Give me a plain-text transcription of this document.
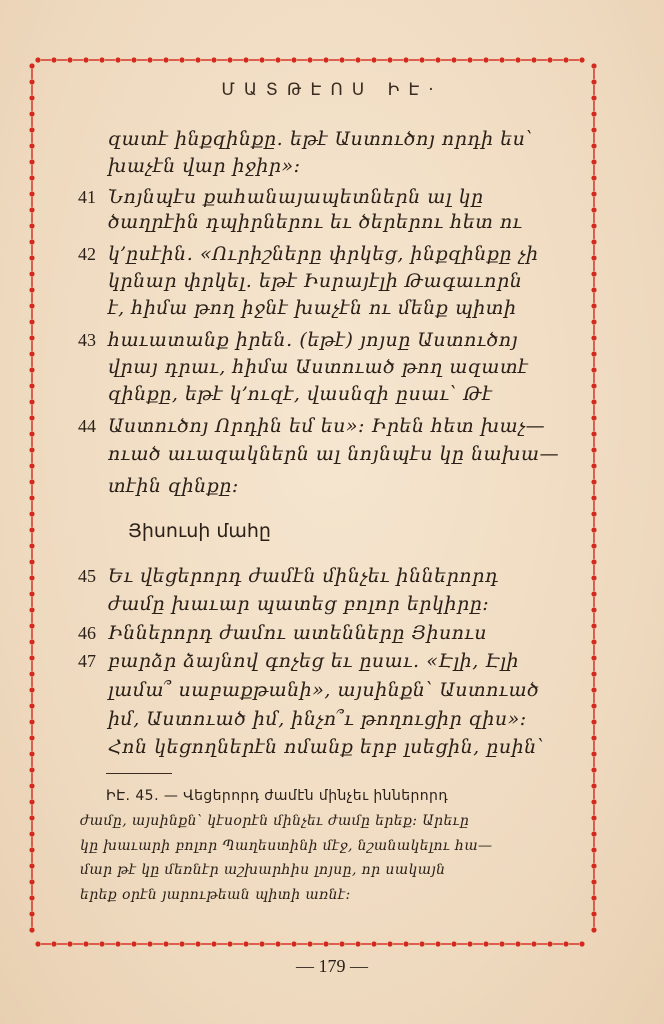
ՄԱՏԹԷՈՍ ԻԷ·
զատէ ինքզինքը․ եթէ Աստուծոյ որդի ես՝
խաչէն վար իջիր»։
41 Նոյնպէս քահանայապետներն ալ կը
ծաղրէին դպիրներու եւ ծերերու հետ ու
42 կ՚ըսէին․ «Ուրիշները փրկեց, ինքզինքը չի
կրնար փրկել․ եթէ Իսրայէլի Թագաւորն
է, հիմա թող իջնէ խաչէն ու մենք պիտի
43 հաւատանք իրեն․ (եթէ) յոյսը Աստուծոյ
վրայ դրաւ, հիմա Աստուած թող ազատէ
զինքը, եթէ կ՚ուզէ, վասնզի ըսաւ՝ Թէ
44 Աստուծոյ Որդին եմ ես»։ Իրեն հետ խաչ—
ուած աւազակներն ալ նոյնպէս կը նախա—
տէին զինքը։
Յիսուսի մահը
45 Եւ վեցերորդ ժամէն մինչեւ իններորդ
ժամը խաւար պատեց բոլոր երկիրը։
46 Իններորդ ժամու ատենները Յիսուս
47 բարձր ձայնով գոչեց եւ ըսաւ․ «Էլի, Էլի
լամա՞ սաբաքթանի», այսինքն՝ Աստուած
իմ, Աստուած իմ, ինչո՞ւ թողուցիր զիս»։
Հոն կեցողներէն ոմանք երբ լսեցին, ըսին՝
ԻԷ․ 45․ — Վեցերորդ ժամէն մինչեւ իններորդ
ժամը, այսինքն՝ կէսօրէն մինչեւ ժամը երեք։ Արեւը
կը խաւարի բոլոր Պաղեստինի մէջ, նշանակելու հա—
մար թէ կը մեռնէր աշխարհիս լոյսը, որ սակայն
երեք օրէն յարութեան պիտի առնէ։
— 179 —
